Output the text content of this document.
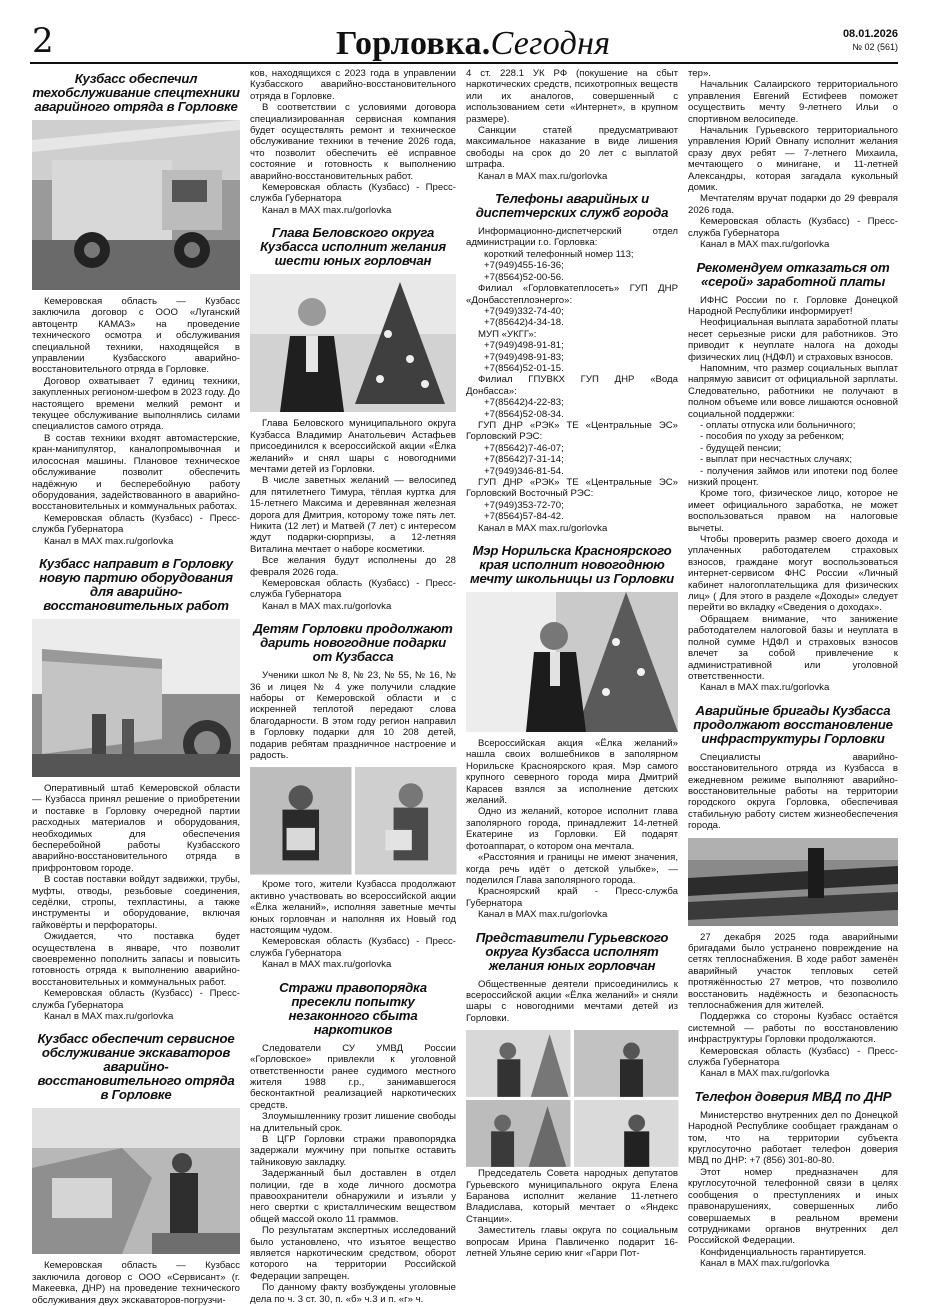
2	Горловка.Сегодня	08.01.2026
№ 02 (561)
Кузбасс обеспечил техобслуживание спецтехники аварийного отряда в Горловке

Кемеровская область — Кузбасс заключила договор с ООО «Луганский автоцентр КАМАЗ» на проведение технического осмотра и обслуживания специальной техники, находящейся в управлении Кузбасского аварийно-восстановительного отряда в Горловке.

Договор охватывает 7 единиц техники, закупленных регионом-шефом в 2023 году. До настоящего времени мелкий ремонт и текущее обслуживание выполнялись силами специалистов самого отряда.

В состав техники входят автомастерские, кран-манипулятор, каналопромывочная и илососная машины. Плановое техническое обслуживание позволит обеспечить надёжную и бесперебойную работу оборудования, задействованного в аварийно-восстановительных и коммунальных работах.

Кемеровская область (Кузбасс) - Пресс-служба Губернатора

Канал в MAX max.ru/gorlovka

Кузбасс направит в Горловку новую партию оборудования для аварийно-восстановительных работ

Оперативный штаб Кемеровской области — Кузбасса принял решение о приобретении и поставке в Горловку очередной партии расходных материалов и оборудования, необходимых для обеспечения бесперебойной работы Кузбасского аварийно-восстановительного отряда в прифронтовом городе.

В состав поставки войдут задвижки, трубы, муфты, отводы, резьбовые соединения, седёлки, стропы, техпластины, а также инструменты и оборудование, включая гайковёрты и перфораторы.

Ожидается, что поставка будет осуществлена в январе, что позволит своевременно пополнить запасы и повысить готовность отряда к выполнению аварийно-восстановительных и коммунальных работ.

Кемеровская область (Кузбасс) - Пресс-служба Губернатора

Канал в MAX max.ru/gorlovka

Кузбасс обеспечит сервисное обслуживание экскаваторов аварийно-восстановительного отряда в Горловке

Кемеровская область — Кузбасс заключила договор с ООО «Сервисант» (г. Макеевка, ДНР) на проведение технического обслуживания двух экскаваторов-погрузчи-

ков, находящихся с 2023 года в управлении Кузбасского аварийно-восстановительного отряда в Горловке.

В соответствии с условиями договора специализированная сервисная компания будет осуществлять ремонт и техническое обслуживание техники в течение 2026 года, что позволит обеспечить её исправное состояние и готовность к выполнению аварийно-восстановительных работ.

Кемеровская область (Кузбасс) - Пресс-служба Губернатора

Канал в MAX max.ru/gorlovka

Глава Беловского округа Кузбасса исполнит желания шести юных горловчан

Глава Беловского муниципального округа Кузбасса Владимир Анатольевич Астафьев присоединился к всероссийской акции «Ёлка желаний» и снял шары с новогодними мечтами детей из Горловки.

В числе заветных желаний — велосипед для пятилетнего Тимура, тёплая куртка для 15-летнего Максима и деревянная железная дорога для Дмитрия, которому тоже пять лет. Никита (12 лет) и Матвей (7 лет) с интересом ждут подарки-сюрпризы, а 12-летняя Виталина мечтает о наборе косметики.

Все желания будут исполнены до 28 февраля 2026 года.

Кемеровская область (Кузбасс) - Пресс-служба Губернатора

Канал в MAX max.ru/gorlovka

Детям Горловки продолжают дарить новогодние подарки от Кузбасса

Ученики школ № 8, № 23, № 55, № 16, № 36 и лицея № 4 уже получили сладкие наборы от Кемеровской области и с искренней теплотой передают слова благодарности. В этом году регион направил в Горловку подарки для 10 208 детей, подарив ребятам праздничное настроение и радость.

Кроме того, жители Кузбасса продолжают активно участвовать во всероссийской акции «Ёлка желаний», исполняя заветные мечты юных горловчан и наполняя их Новый год настоящим чудом.

Кемеровская область (Кузбасс) - Пресс-служба Губернатора

Канал в MAX max.ru/gorlovka

Стражи правопорядка пресекли попытку незаконного сбыта наркотиков

Следователи СУ УМВД России «Горловское» привлекли к уголовной ответственности ранее судимого местного жителя 1988 г.р., занимавшегося бесконтактной реализацией наркотических средств.

Злоумышленнику грозит лишение свободы на длительный срок.

В ЦГР Горловки стражи правопорядка задержали мужчину при попытке оставить тайниковую закладку.

Задержанный был доставлен в отдел полиции, где в ходе личного досмотра правоохранители обнаружили и изъяли у него свертки с кристаллическим веществом общей массой около 11 граммов.

По результатам экспертных исследований было установлено, что изъятое вещество является наркотическим средством, оборот которого на территории Российской Федерации запрещен.

По данному факту возбуждены уголовные дела по ч. 3 ст. 30, п. «б» ч.3 и п. «г» ч.

4 ст. 228.1 УК РФ (покушение на сбыт наркотических средств, психотропных веществ или их аналогов, совершенный с использованием сети «Интернет», в крупном размере).

Санкции статей предусматривают максимальное наказание в виде лишения свободы на срок до 20 лет с выплатой штрафа.

Канал в MAX max.ru/gorlovka

Телефоны аварийных и диспетчерских служб города

Информационно-диспетчерский отдел администрации г.о. Горловка:

короткий телефонный номер 113;

+7(949)455-16-36;

+7(8564)52-00-56.

Филиал «Горловкатеплосеть» ГУП ДНР «Донбасстеплоэнерго»:

+7(949)332-74-40;

+7(85642)4-34-18.

МУП «УКГГ»:

+7(949)498-91-81;

+7(949)498-91-83;

+7(8564)52-01-15.

Филиал ГПУВКХ ГУП ДНР «Вода Донбасса»:

+7(85642)4-22-83;

+7(8564)52-08-34.

ГУП ДНР «РЭК» ТЕ «Центральные ЭС» Горловский РЭС:

+7(85642)7-46-07;

+7(85642)7-31-14;

+7(949)346-81-54.

ГУП ДНР «РЭК» ТЕ «Центральные ЭС» Горловский Восточный РЭС:

+7(949)353-72-70;

+7(8564)57-84-42.

Канал в MAX max.ru/gorlovka

Мэр Норильска Красноярского края исполнит новогоднюю мечту школьницы из Горловки

Всероссийская акция «Ёлка желаний» нашла своих волшебников в заполярном Норильске Красноярского края. Мэр самого крупного северного города мира Дмитрий Карасев взялся за исполнение детских желаний.

Одно из желаний, которое исполнит глава заполярного города, принадлежит 14-летней Екатерине из Горловки. Ей подарят фотоаппарат, о котором она мечтала.

«Расстояния и границы не имеют значения, когда речь идёт о детской улыбке», — поделился Глава заполярного города.

Красноярский край - Пресс-служба Губернатора

Канал в MAX max.ru/gorlovka

Представители Гурьевского округа Кузбасса исполнят желания юных горловчан

Общественные деятели присоединились к всероссийской акции «Ёлка желаний» и сняли шары с новогодними мечтами детей из Горловки.

Председатель Совета народных депутатов Гурьевского муниципального округа Елена Баранова исполнит желание 11-летнего Владислава, который мечтает о «Яндекс Станции».

Заместитель главы округа по социальным вопросам Ирина Павличенко подарит 16-летней Ульяне серию книг «Гарри Пот-

тер».

Начальник Салаирского территориального управления Евгений Естифеев поможет осуществить мечту 9-летнего Ильи о спортивном велосипеде.

Начальник Гурьевского территориального управления Юрий Овнапу исполнит желания сразу двух ребят — 7-летнего Михаила, мечтающего о минигане, и 11-летней Александры, которая загадала кукольный домик.

Мечтателям вручат подарки до 29 февраля 2026 года.

Кемеровская область (Кузбасс) - Пресс-служба Губернатора

Канал в MAX max.ru/gorlovka

Рекомендуем отказаться от «серой» заработной платы

ИФНС России по г. Горловке Донецкой Народной Республики информирует!

Неофициальная выплата заработной платы несет серьезные риски для работников. Это приводит к неуплате налога на доходы физических лиц (НДФЛ) и страховых взносов.

Напомним, что размер социальных выплат напрямую зависит от официальной зарплаты. Следовательно, работники не получают в полном объеме или вовсе лишаются основной социальной поддержки:

- оплаты отпуска или больничного;

- пособия по уходу за ребенком;

- будущей пенсии;

- выплат при несчастных случаях;

- получения займов или ипотеки под более низкий процент.

Кроме того, физическое лицо, которое не имеет официального заработка, не может воспользоваться правом на налоговые вычеты.

Чтобы проверить размер своего дохода и уплаченных работодателем страховых взносов, граждане могут воспользоваться интернет-сервисом ФНС России «Личный кабинет налогоплательщика для физических лиц» ( Для этого в разделе «Доходы» следует перейти во вкладку «Сведения о доходах».

Обращаем внимание, что занижение работодателем налоговой базы и неуплата в полной сумме НДФЛ и страховых взносов влечет за собой привлечение к административной или уголовной ответственности.

Канал в MAX max.ru/gorlovka

Аварийные бригады Кузбасса продолжают восстановление инфраструктуры Горловки

Специалисты аварийно-восстановительного отряда из Кузбасса в ежедневном режиме выполняют аварийно-восстановительные работы на территории городского округа Горловка, обеспечивая стабильную работу систем жизнеобеспечения города.

27 декабря 2025 года аварийными бригадами было устранено повреждение на сетях теплоснабжения. В ходе работ заменён аварийный участок тепловых сетей протяжённостью 27 метров, что позволило восстановить надёжность и безопасность теплоснабжения для жителей.

Поддержка со стороны Кузбасс остаётся системной — работы по восстановлению инфраструктуры Горловки продолжаются.

Кемеровская область (Кузбасс) - Пресс-служба Губернатора

Канал в MAX max.ru/gorlovka

Телефон доверия МВД по ДНР

Министерство внутренних дел по Донецкой Народной Республике сообщает гражданам о том, что на территории субъекта круглосуточно работает телефон доверия МВД по ДНР: +7 (856) 301-80-80.

Этот номер предназначен для круглосуточной телефонной связи в целях сообщения о преступлениях и иных правонарушениях, совершенных либо совершаемых в реальном времени сотрудниками органов внутренних дел Российской Федерации.

Конфиденциальность гарантируется.

Канал в MAX max.ru/gorlovka
